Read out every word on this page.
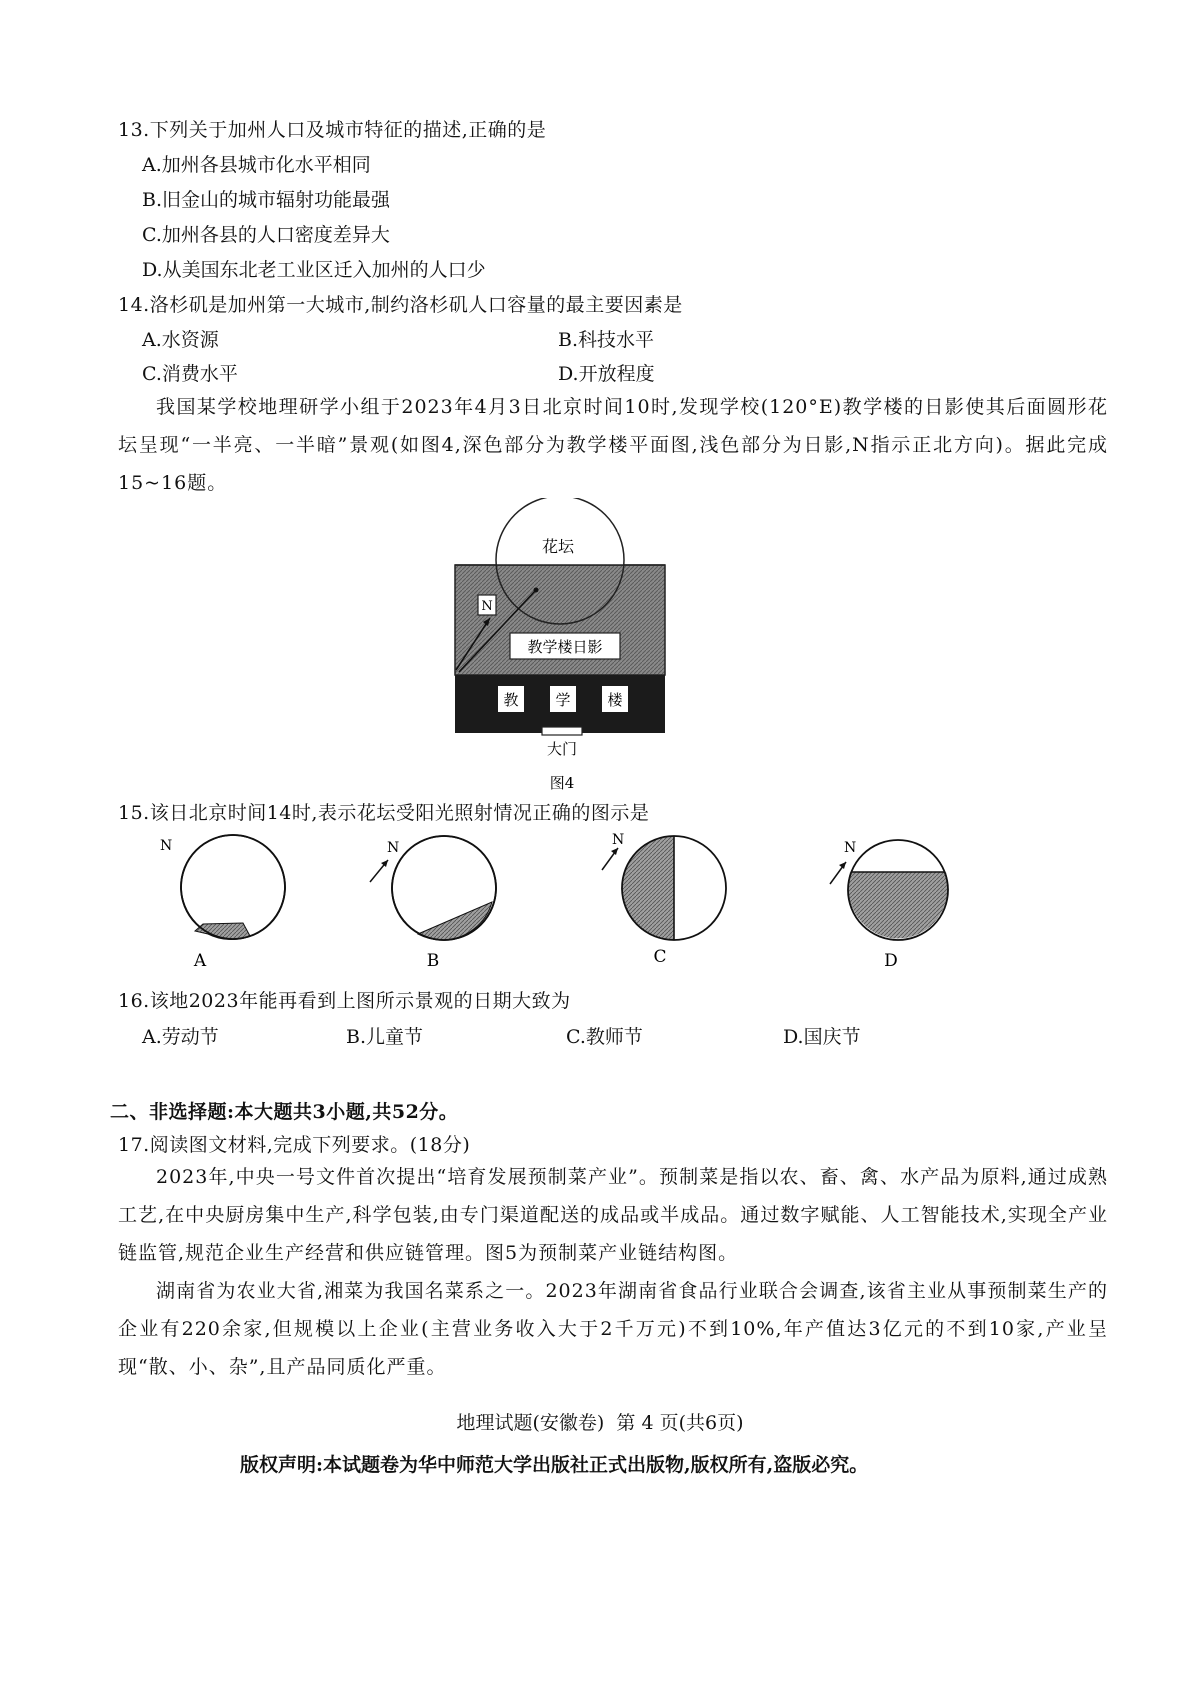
13.下列关于加州人口及城市特征的描述,正确的是
A.加州各县城市化水平相同
B.旧金山的城市辐射功能最强
C.加州各县的人口密度差异大
D.从美国东北老工业区迁入加州的人口少
14.洛杉矶是加州第一大城市,制约洛杉矶人口容量的最主要因素是
A.水资源	B.科技水平
C.消费水平	D.开放程度
我国某学校地理研学小组于2023年4月3日北京时间10时,发现学校(120°E)教学楼的日影使其后面圆形花坛呈现“一半亮、一半暗”景观(如图4,深色部分为教学楼平面图,浅色部分为日影,N指示正北方向)。据此完成15~16题。
花坛
N
教学楼日影
教 学 楼
大门
图4
15.该日北京时间14时,表示花坛受阳光照射情况正确的图示是
N
A
N
B
N
C
N
D
16.该地2023年能再看到上图所示景观的日期大致为
A.劳动节	B.儿童节	C.教师节	D.国庆节
二、非选择题:本大题共3小题,共52分。
17.阅读图文材料,完成下列要求。(18分)
2023年,中央一号文件首次提出“培育发展预制菜产业”。预制菜是指以农、畜、禽、水产品为原料,通过成熟工艺,在中央厨房集中生产,科学包装,由专门渠道配送的成品或半成品。通过数字赋能、人工智能技术,实现全产业链监管,规范企业生产经营和供应链管理。图5为预制菜产业链结构图。
湖南省为农业大省,湘菜为我国名菜系之一。2023年湖南省食品行业联合会调查,该省主业从事预制菜生产的企业有220余家,但规模以上企业(主营业务收入大于2千万元)不到10%,年产值达3亿元的不到10家,产业呈现“散、小、杂”,且产品同质化严重。
地理试题(安徽卷)  第 4 页(共6页)
版权声明:本试题卷为华中师范大学出版社正式出版物,版权所有,盗版必究。
